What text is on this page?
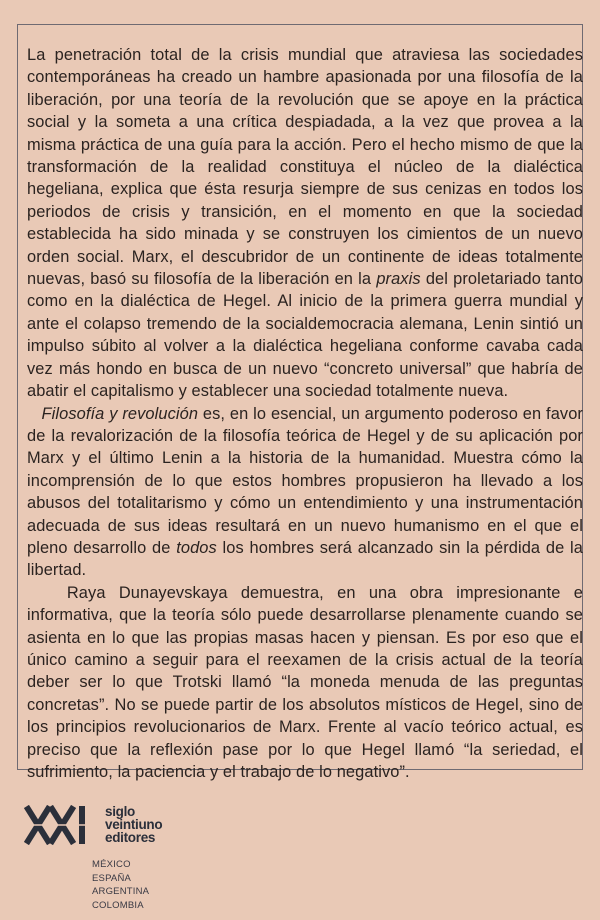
La penetración total de la crisis mundial que atraviesa las sociedades contemporáneas ha creado un hambre apasionada por una filosofía de la liberación, por una teoría de la revolución que se apoye en la práctica social y la someta a una crítica despiadada, a la vez que provea a la misma práctica de una guía para la acción. Pero el hecho mismo de que la transformación de la realidad constituya el núcleo de la dialéctica hegeliana, explica que ésta resurja siempre de sus cenizas en todos los periodos de crisis y transición, en el momento en que la sociedad establecida ha sido minada y se construyen los cimientos de un nuevo orden social. Marx, el descubridor de un continente de ideas totalmente nuevas, basó su filosofía de la liberación en la praxis del proletariado tanto como en la dialéctica de Hegel. Al inicio de la primera guerra mundial y ante el colapso tremendo de la socialdemocracia alemana, Lenin sintió un impulso súbito al volver a la dialéctica hegeliana conforme cavaba cada vez más hondo en busca de un nuevo “concreto universal” que habría de abatir el capitalismo y establecer una sociedad totalmente nueva.

Filosofía y revolución es, en lo esencial, un argumento poderoso en favor de la revalorización de la filosofía teórica de Hegel y de su aplicación por Marx y el último Lenin a la historia de la humanidad. Muestra cómo la incomprensión de lo que estos hombres propusieron ha llevado a los abusos del totalitarismo y cómo un entendimiento y una instrumentación adecuada de sus ideas resultará en un nuevo humanismo en el que el pleno desarrollo de todos los hombres será alcanzado sin la pérdida de la libertad.

Raya Dunayevskaya demuestra, en una obra impresionante e informativa, que la teoría sólo puede desarrollarse plenamente cuando se asienta en lo que las propias masas hacen y piensan. Es por eso que el único camino a seguir para el reexamen de la crisis actual de la teoría deber ser lo que Trotski llamó “la moneda menuda de las preguntas concretas”. No se puede partir de los absolutos místicos de Hegel, sino de los principios revolucionarios de Marx. Frente al vacío teórico actual, es preciso que la reflexión pase por lo que Hegel llamó “la seriedad, el sufrimiento, la paciencia y el trabajo de lo negativo”.

siglo
veintiuno
editores
MÉXICO
ESPAÑA
ARGENTINA
COLOMBIA
